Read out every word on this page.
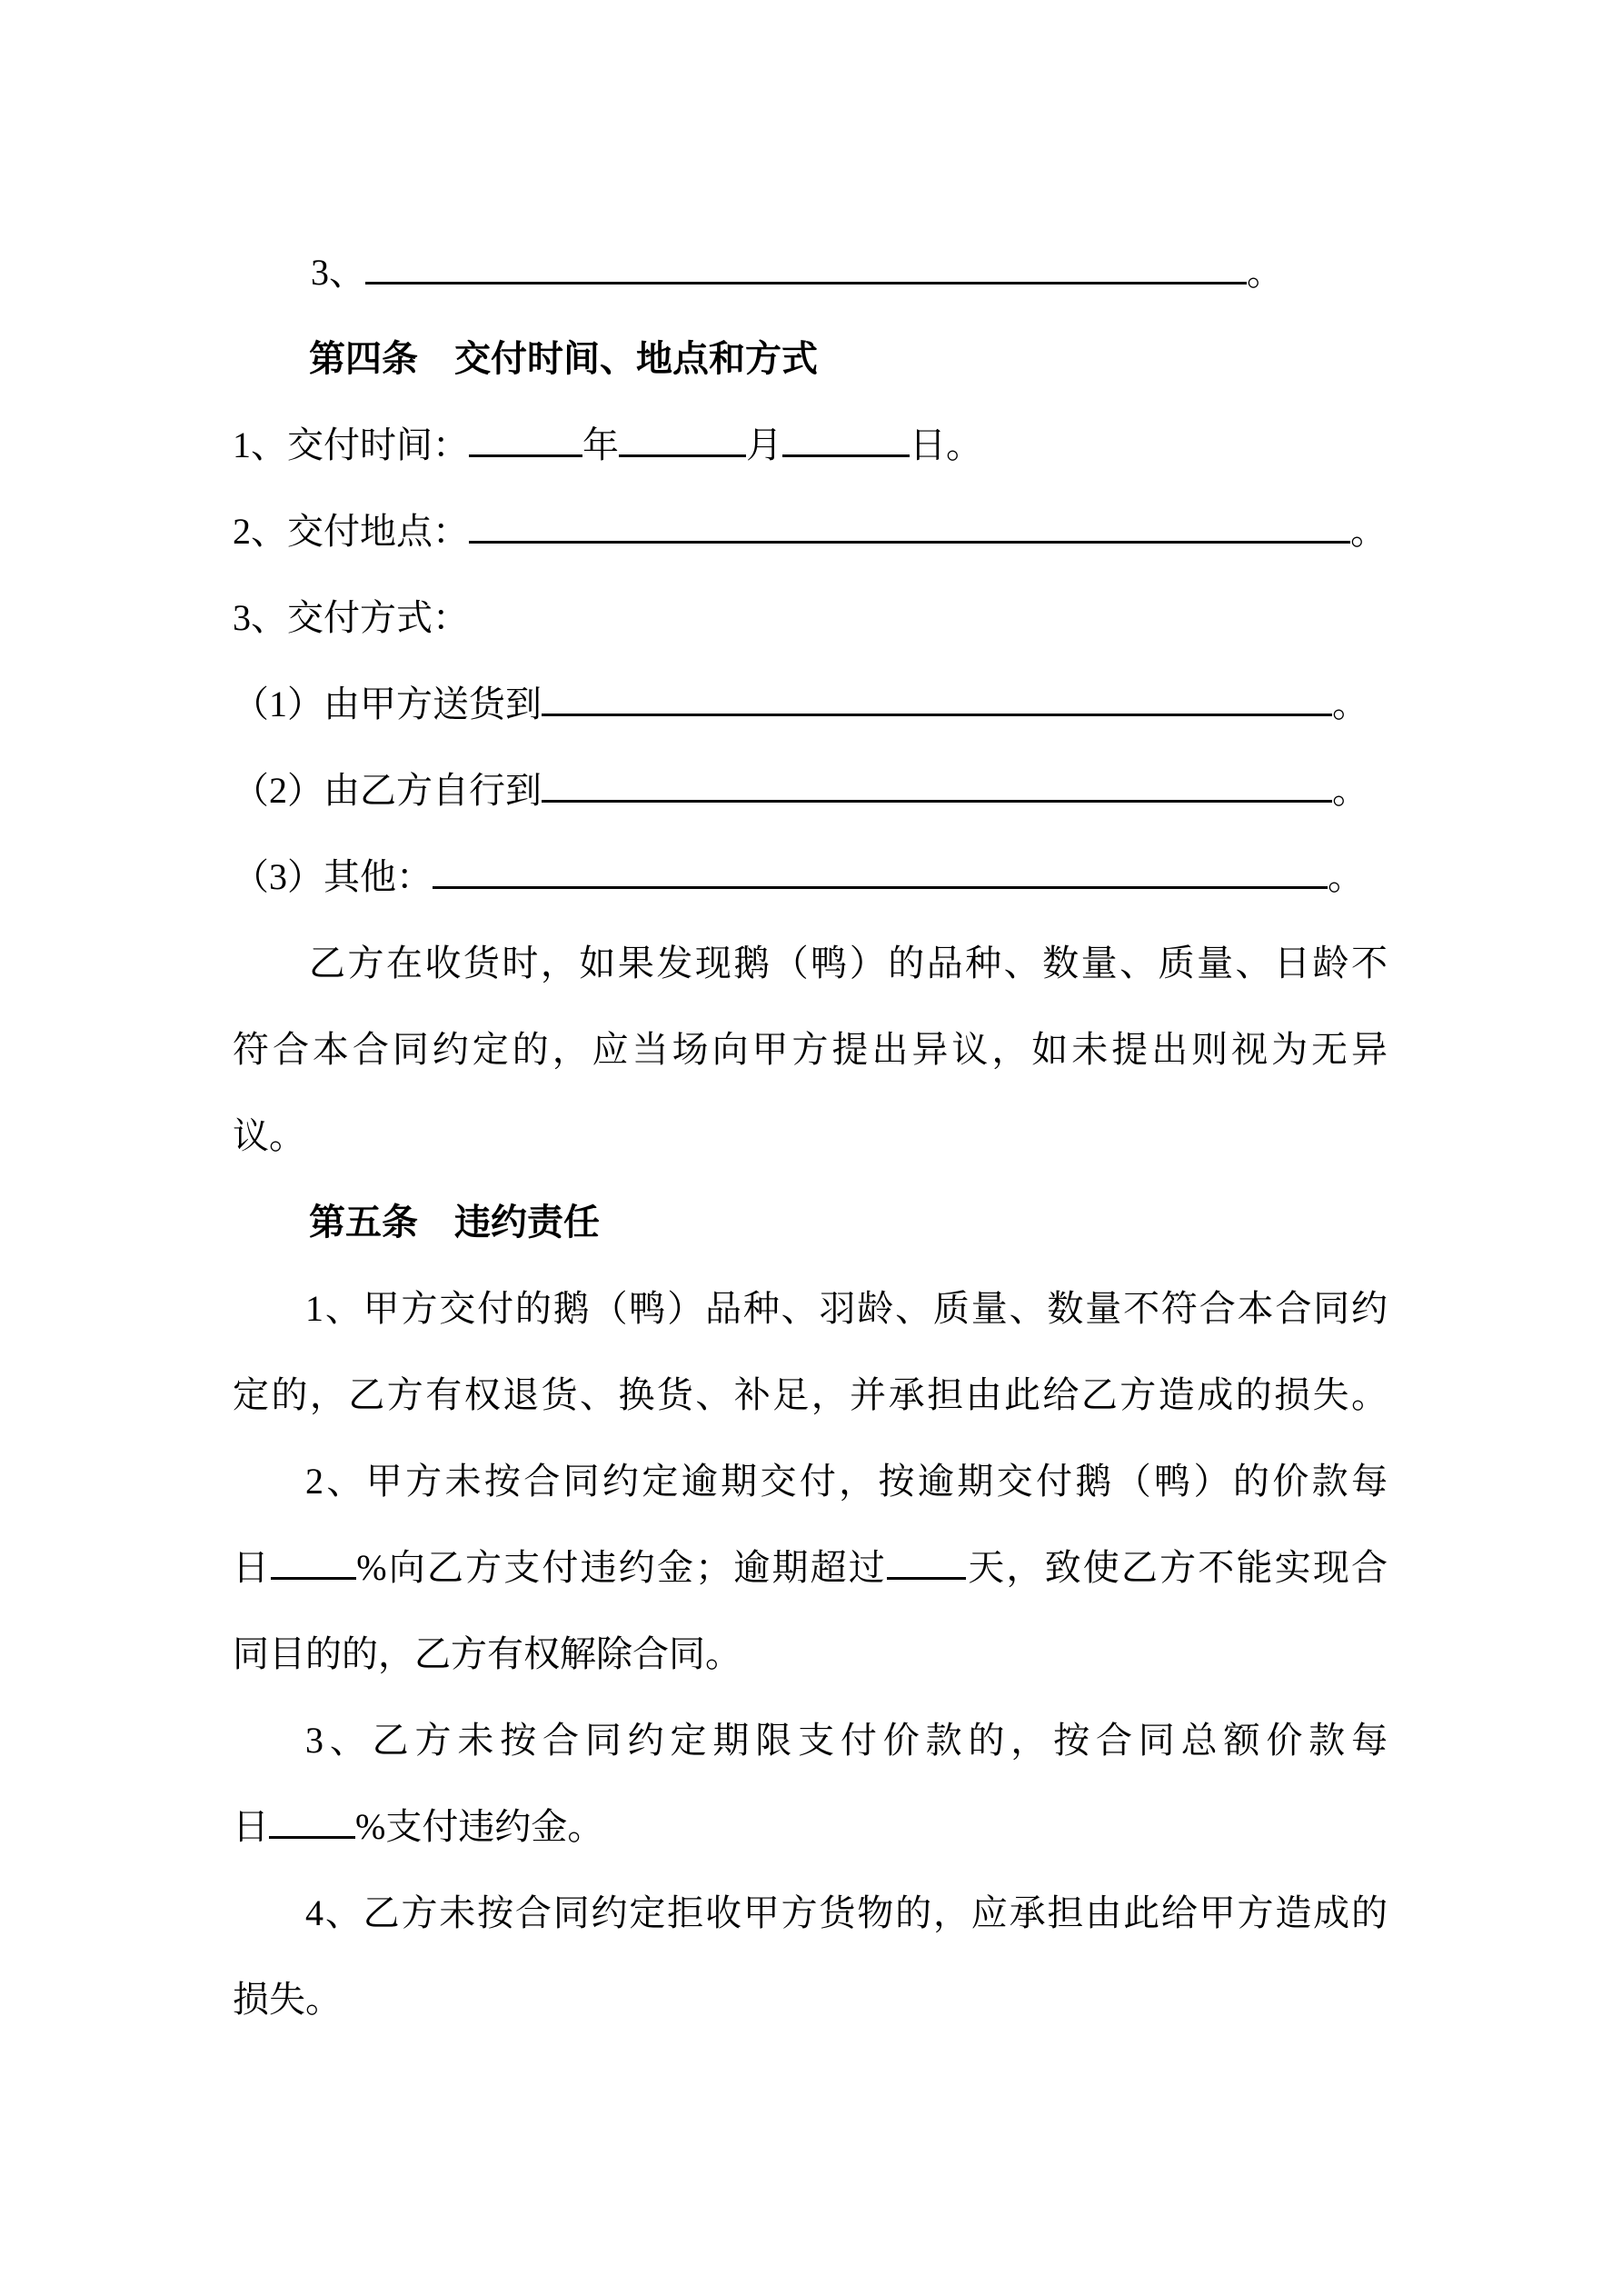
3、	。
第四条　交付时间、地点和方式
1、交付时间：	年	月	日。
2、交付地点：	。
3、交付方式：
（1）由甲方送货到	。
（2）由乙方自行到	。
（3）其他：	。
乙方在收货时，如果发现鹅（鸭）的品种、数量、质量、日龄不
符合本合同约定的，应当场向甲方提出异议，如未提出则视为无异
议。
第五条　违约责任
1、甲方交付的鹅（鸭）品种、羽龄、质量、数量不符合本合同约
定的，乙方有权退货、换货、补足，并承担由此给乙方造成的损失。
2、甲方未按合同约定逾期交付，按逾期交付鹅（鸭）的价款每
日 %向乙方支付违约金；逾期超过 天，致使乙方不能实现合
同目的的，乙方有权解除合同。
3、乙方未按合同约定期限支付价款的，按合同总额价款每
日 %支付违约金。
4、乙方未按合同约定拒收甲方货物的，应承担由此给甲方造成的
损失。
